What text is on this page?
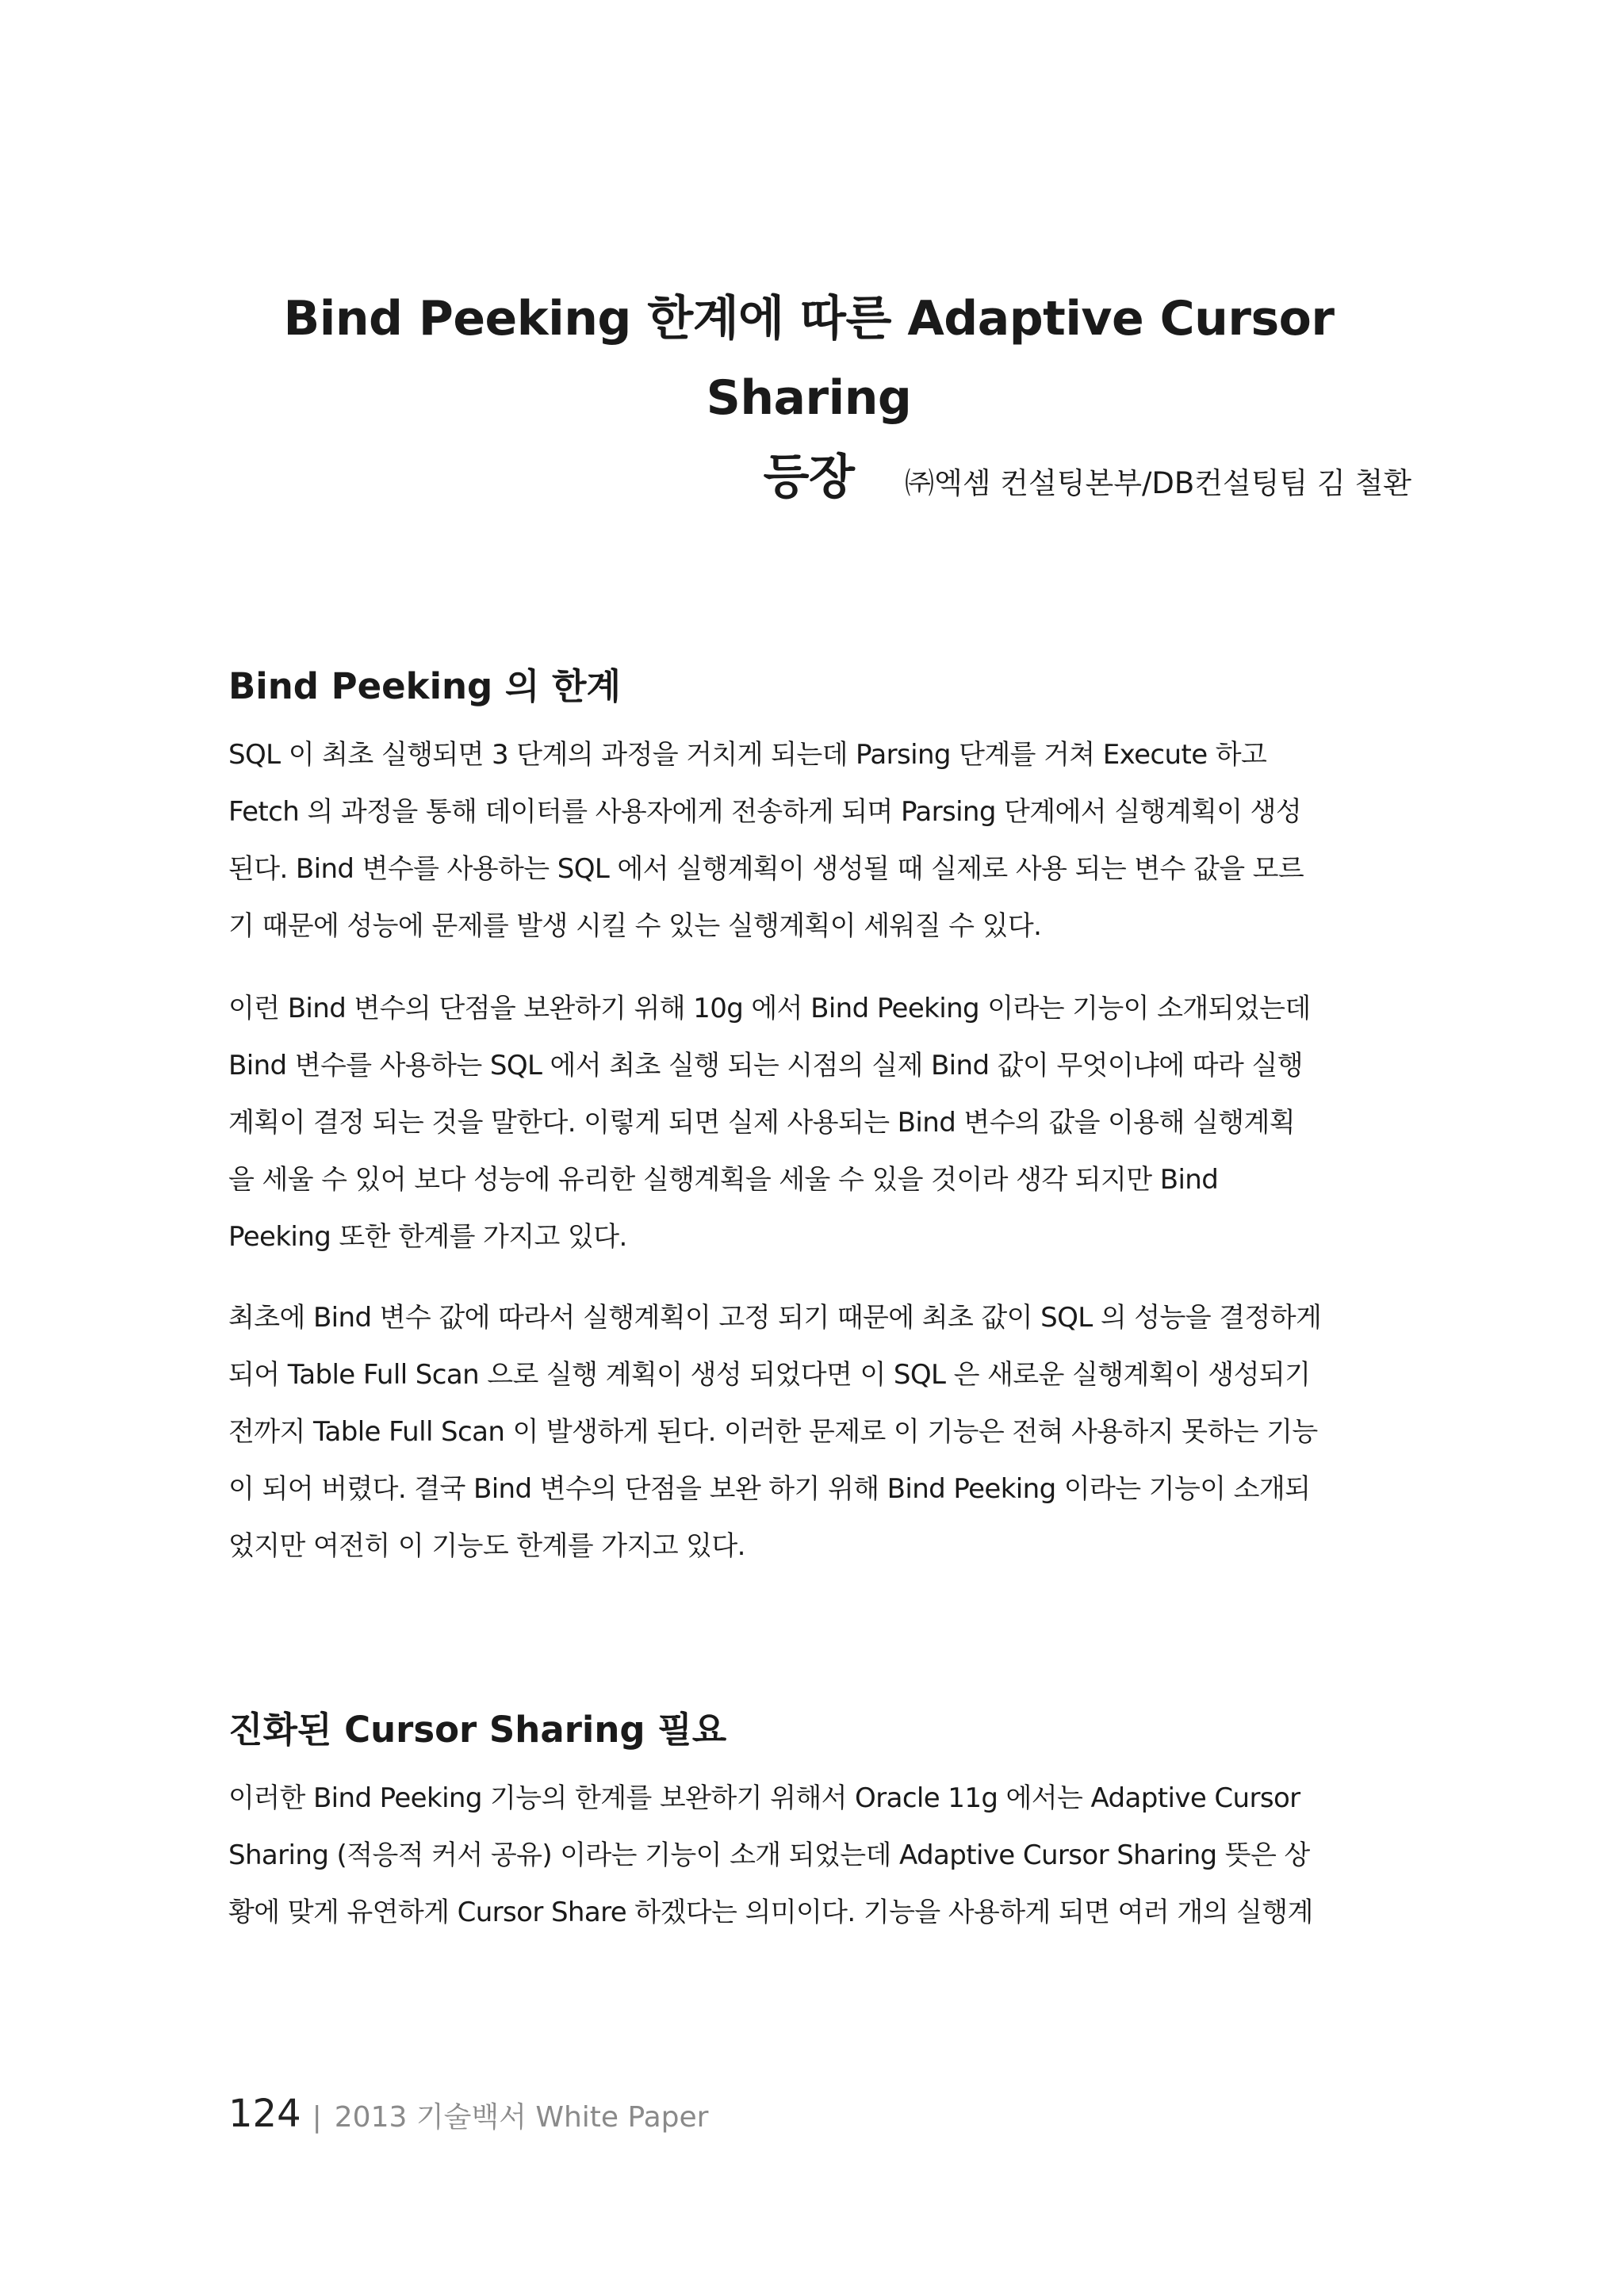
Bind Peeking 한계에 따른 Adaptive Cursor Sharing
등장	㈜엑셈 컨설팅본부/DB컨설팅팀 김 철환
Bind Peeking 의 한계

SQL 이 최초 실행되면 3 단계의 과정을 거치게 되는데 Parsing 단계를 거쳐 Execute 하고
Fetch 의 과정을 통해 데이터를 사용자에게 전송하게 되며 Parsing 단계에서 실행계획이 생성
된다. Bind 변수를 사용하는 SQL 에서 실행계획이 생성될 때 실제로 사용 되는 변수 값을 모르
기 때문에 성능에 문제를 발생 시킬 수 있는 실행계획이 세워질 수 있다.

이런 Bind 변수의 단점을 보완하기 위해 10g 에서 Bind Peeking 이라는 기능이 소개되었는데
Bind 변수를 사용하는 SQL 에서 최초 실행 되는 시점의 실제 Bind 값이 무엇이냐에 따라 실행
계획이 결정 되는 것을 말한다. 이렇게 되면 실제 사용되는 Bind 변수의 값을 이용해 실행계획
을 세울 수 있어 보다 성능에 유리한 실행계획을 세울 수 있을 것이라 생각 되지만 Bind
Peeking 또한 한계를 가지고 있다.

최초에 Bind 변수 값에 따라서 실행계획이 고정 되기 때문에 최초 값이 SQL 의 성능을 결정하게
되어 Table Full Scan 으로 실행 계획이 생성 되었다면 이 SQL 은 새로운 실행계획이 생성되기
전까지 Table Full Scan 이 발생하게 된다. 이러한 문제로 이 기능은 전혀 사용하지 못하는 기능
이 되어 버렸다. 결국 Bind 변수의 단점을 보완 하기 위해 Bind Peeking 이라는 기능이 소개되
었지만 여전히 이 기능도 한계를 가지고 있다.

진화된 Cursor Sharing 필요

이러한 Bind Peeking 기능의 한계를 보완하기 위해서 Oracle 11g 에서는 Adaptive Cursor
Sharing (적응적 커서 공유) 이라는 기능이 소개 되었는데 Adaptive Cursor Sharing 뜻은 상
황에 맞게 유연하게 Cursor Share 하겠다는 의미이다. 기능을 사용하게 되면 여러 개의 실행계

124 | 2013 기술백서 White Paper
